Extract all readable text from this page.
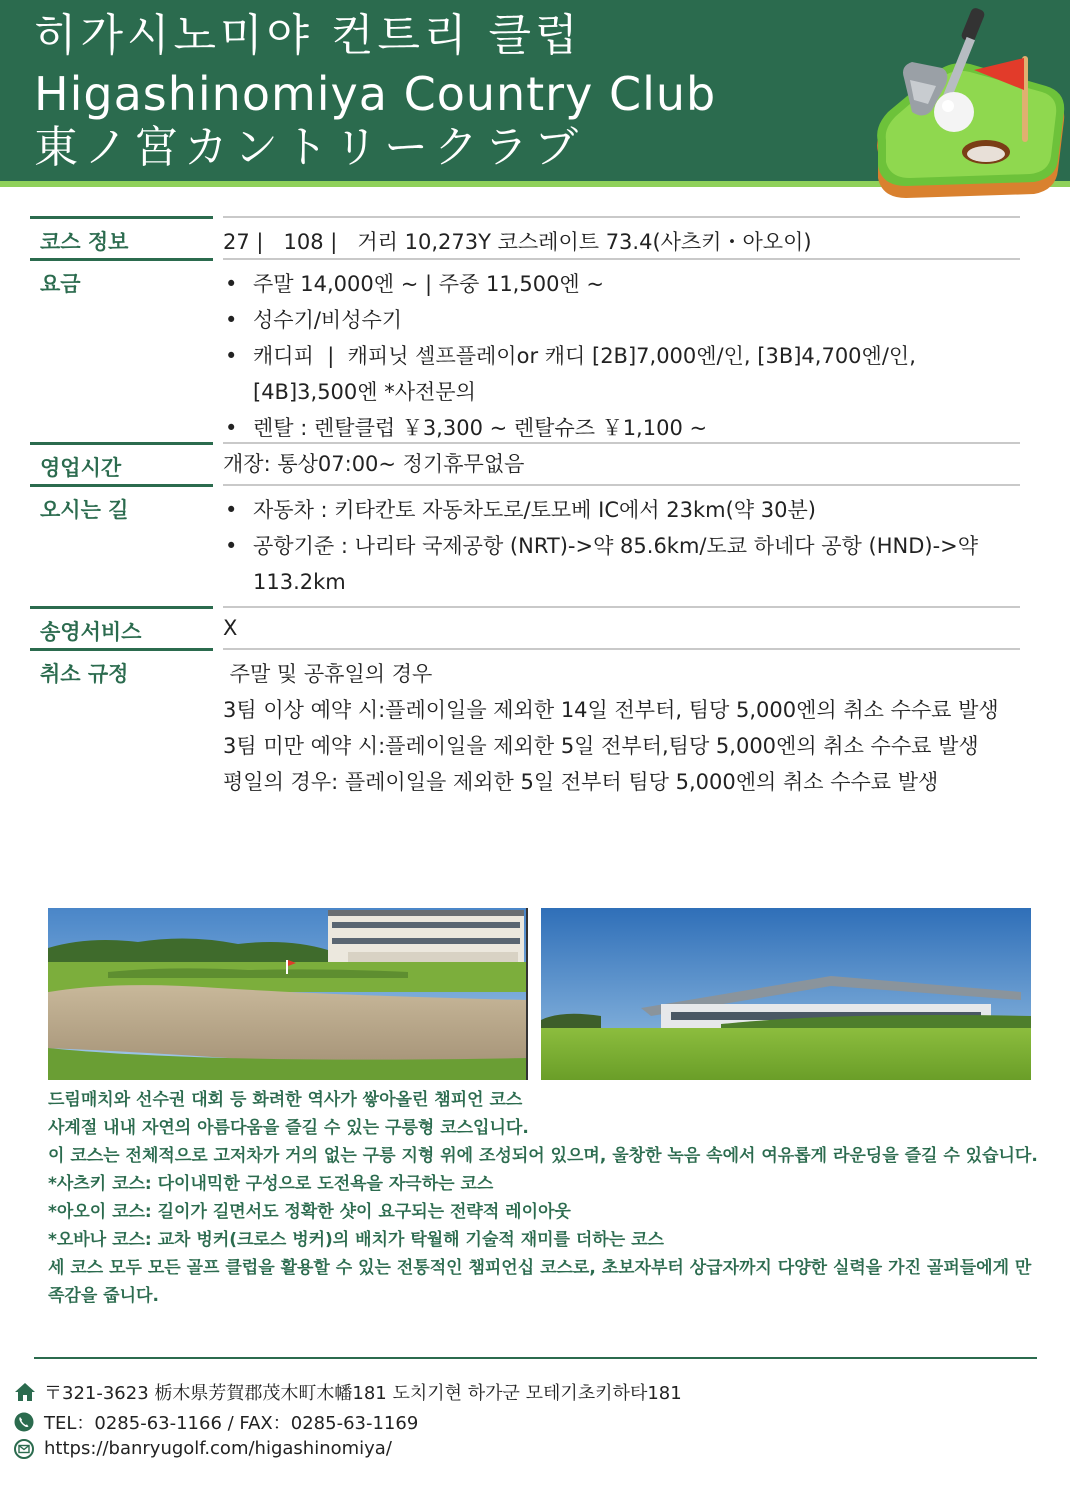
히가시노미야 컨트리 클럽
Higashinomiya Country Club
東ノ宮カントリークラブ
코스 정보	27 |   108 |   거리 10,273Y 코스레이트 73.4(사츠키・아오이)
요금	• 주말 14,000엔 ~ | 주중 11,500엔 ~
• 성수기/비성수기
• 캐디피  |  캐피닛 셀프플레이or 캐디 [2B]7,000엔/인, [3B]4,700엔/인, [4B]3,500엔 *사전문의
• 렌탈 : 렌탈클럽 ￥3,300 ~ 렌탈슈즈 ￥1,100 ~
영업시간	개장: 통상07:00~ 정기휴무없음
오시는 길	• 자동차 : 키타칸토 자동차도로/토모베 IC에서 23km(약 30분)
• 공항기준 : 나리타 국제공항 (NRT)->약 85.6km/도쿄 하네다 공항 (HND)->약 113.2km
송영서비스	X
취소 규정	주말 및 공휴일의 경우
3팀 이상 예약 시:플레이일을 제외한 14일 전부터, 팀당 5,000엔의 취소 수수료 발생
3팀 미만 예약 시:플레이일을 제외한 5일 전부터,팀당 5,000엔의 취소 수수료 발생
평일의 경우: 플레이일을 제외한 5일 전부터 팀당 5,000엔의 취소 수수료 발생
드림매치와 선수권 대회 등 화려한 역사가 쌓아올린 챔피언 코스
사계절 내내 자연의 아름다움을 즐길 수 있는 구릉형 코스입니다.
이 코스는 전체적으로 고저차가 거의 없는 구릉 지형 위에 조성되어 있으며, 울창한 녹음 속에서 여유롭게 라운딩을 즐길 수 있습니다.
*사츠키 코스: 다이내믹한 구성으로 도전욕을 자극하는 코스
*아오이 코스: 길이가 길면서도 정확한 샷이 요구되는 전략적 레이아웃
*오바나 코스: 교차 벙커(크로스 벙커)의 배치가 탁월해 기술적 재미를 더하는 코스
세 코스 모두 모든 골프 클럽을 활용할 수 있는 전통적인 챔피언십 코스로, 초보자부터 상급자까지 다양한 실력을 가진 골퍼들에게 만족감을 줍니다.
〒321-3623 栃木県芳賀郡茂木町木幡181 도치기현 하가군 모테기초키하타181
TEL：0285-63-1166 / FAX：0285-63-1169
https://banryugolf.com/higashinomiya/
